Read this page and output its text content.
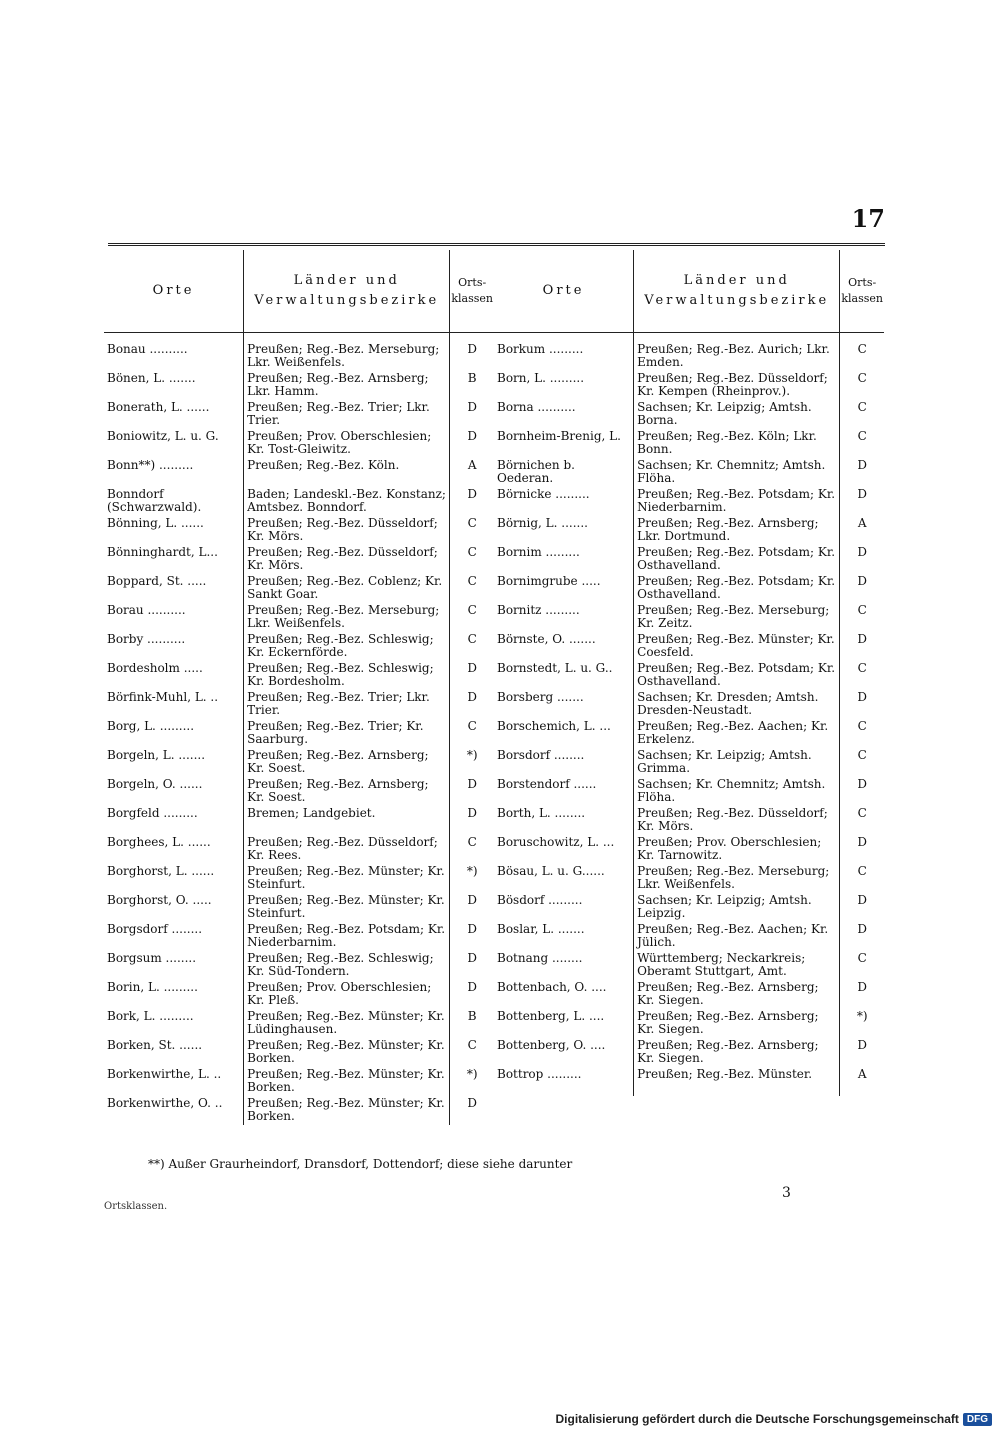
17
Orte	Länder und
Verwaltungsbezirke	Orts-
klassen
Bonau ..........	Preußen; Reg.-Bez. Merseburg; Lkr. Weißenfels.	D
Bönen, L. .......	Preußen; Reg.-Bez. Arnsberg; Lkr. Hamm.	B
Bonerath, L. ......	Preußen; Reg.-Bez. Trier; Lkr. Trier.	D
Boniowitz, L. u. G.	Preußen; Prov. Oberschlesien; Kr. Tost-Gleiwitz.	D
Bonn**) .........	Preußen; Reg.-Bez. Köln.	A
Bonndorf (Schwarzwald).	Baden; Landeskl.-Bez. Konstanz; Amtsbez. Bonndorf.	D
Bönning, L. ......	Preußen; Reg.-Bez. Düsseldorf; Kr. Mörs.	C
Bönninghardt, L...	Preußen; Reg.-Bez. Düsseldorf; Kr. Mörs.	C
Boppard, St. .....	Preußen; Reg.-Bez. Coblenz; Kr. Sankt Goar.	C
Borau ..........	Preußen; Reg.-Bez. Merseburg; Lkr. Weißenfels.	C
Borby ..........	Preußen; Reg.-Bez. Schleswig; Kr. Eckernförde.	C
Bordesholm .....	Preußen; Reg.-Bez. Schleswig; Kr. Bordesholm.	D
Börfink-Muhl, L. ..	Preußen; Reg.-Bez. Trier; Lkr. Trier.	D
Borg, L. .........	Preußen; Reg.-Bez. Trier; Kr. Saarburg.	C
Borgeln, L. .......	Preußen; Reg.-Bez. Arnsberg; Kr. Soest.	*)
Borgeln, O. ......	Preußen; Reg.-Bez. Arnsberg; Kr. Soest.	D
Borgfeld .........	Bremen; Landgebiet.	D
Borghees, L. ......	Preußen; Reg.-Bez. Düsseldorf; Kr. Rees.	C
Borghorst, L. ......	Preußen; Reg.-Bez. Münster; Kr. Steinfurt.	*)
Borghorst, O. .....	Preußen; Reg.-Bez. Münster; Kr. Steinfurt.	D
Borgsdorf ........	Preußen; Reg.-Bez. Potsdam; Kr. Niederbarnim.	D
Borgsum ........	Preußen; Reg.-Bez. Schleswig; Kr. Süd-Tondern.	D
Borin, L. .........	Preußen; Prov. Oberschlesien; Kr. Pleß.	D
Bork, L. .........	Preußen; Reg.-Bez. Münster; Kr. Lüdinghausen.	B
Borken, St. ......	Preußen; Reg.-Bez. Münster; Kr. Borken.	C
Borkenwirthe, L. ..	Preußen; Reg.-Bez. Münster; Kr. Borken.	*)
Borkenwirthe, O. ..	Preußen; Reg.-Bez. Münster; Kr. Borken.	D
Orte	Länder und
Verwaltungsbezirke	Orts-
klassen
Borkum .........	Preußen; Reg.-Bez. Aurich; Lkr. Emden.	C
Born, L. .........	Preußen; Reg.-Bez. Düsseldorf; Kr. Kempen (Rheinprov.).	C
Borna ..........	Sachsen; Kr. Leipzig; Amtsh. Borna.	C
Bornheim-Brenig, L.	Preußen; Reg.-Bez. Köln; Lkr. Bonn.	C
Börnichen b. Oederan.	Sachsen; Kr. Chemnitz; Amtsh. Flöha.	D
Börnicke .........	Preußen; Reg.-Bez. Potsdam; Kr. Niederbarnim.	D
Börnig, L. .......	Preußen; Reg.-Bez. Arnsberg; Lkr. Dortmund.	A
Bornim .........	Preußen; Reg.-Bez. Potsdam; Kr. Osthavelland.	D
Bornimgrube .....	Preußen; Reg.-Bez. Potsdam; Kr. Osthavelland.	D
Bornitz .........	Preußen; Reg.-Bez. Merseburg; Kr. Zeitz.	C
Börnste, O. .......	Preußen; Reg.-Bez. Münster; Kr. Coesfeld.	D
Bornstedt, L. u. G..	Preußen; Reg.-Bez. Potsdam; Kr. Osthavelland.	C
Borsberg .......	Sachsen; Kr. Dresden; Amtsh. Dresden-Neustadt.	D
Borschemich, L. ...	Preußen; Reg.-Bez. Aachen; Kr. Erkelenz.	C
Borsdorf ........	Sachsen; Kr. Leipzig; Amtsh. Grimma.	C
Borstendorf ......	Sachsen; Kr. Chemnitz; Amtsh. Flöha.	D
Borth, L. ........	Preußen; Reg.-Bez. Düsseldorf; Kr. Mörs.	C
Boruschowitz, L. ...	Preußen; Prov. Oberschlesien; Kr. Tarnowitz.	D
Bösau, L. u. G......	Preußen; Reg.-Bez. Merseburg; Lkr. Weißenfels.	C
Bösdorf .........	Sachsen; Kr. Leipzig; Amtsh. Leipzig.	D
Boslar, L. .......	Preußen; Reg.-Bez. Aachen; Kr. Jülich.	D
Botnang ........	Württemberg; Neckarkreis; Oberamt Stuttgart, Amt.	C
Bottenbach, O. ....	Preußen; Reg.-Bez. Arnsberg; Kr. Siegen.	D
Bottenberg, L. ....	Preußen; Reg.-Bez. Arnsberg; Kr. Siegen.	*)
Bottenberg, O. ....	Preußen; Reg.-Bez. Arnsberg; Kr. Siegen.	D
Bottrop .........	Preußen; Reg.-Bez. Münster.	A
**) Außer Graurheindorf, Dransdorf, Dottendorf; diese siehe darunter
Ortsklassen.
3
Digitalisierung gefördert durch die Deutsche Forschungsgemeinschaft DFG
